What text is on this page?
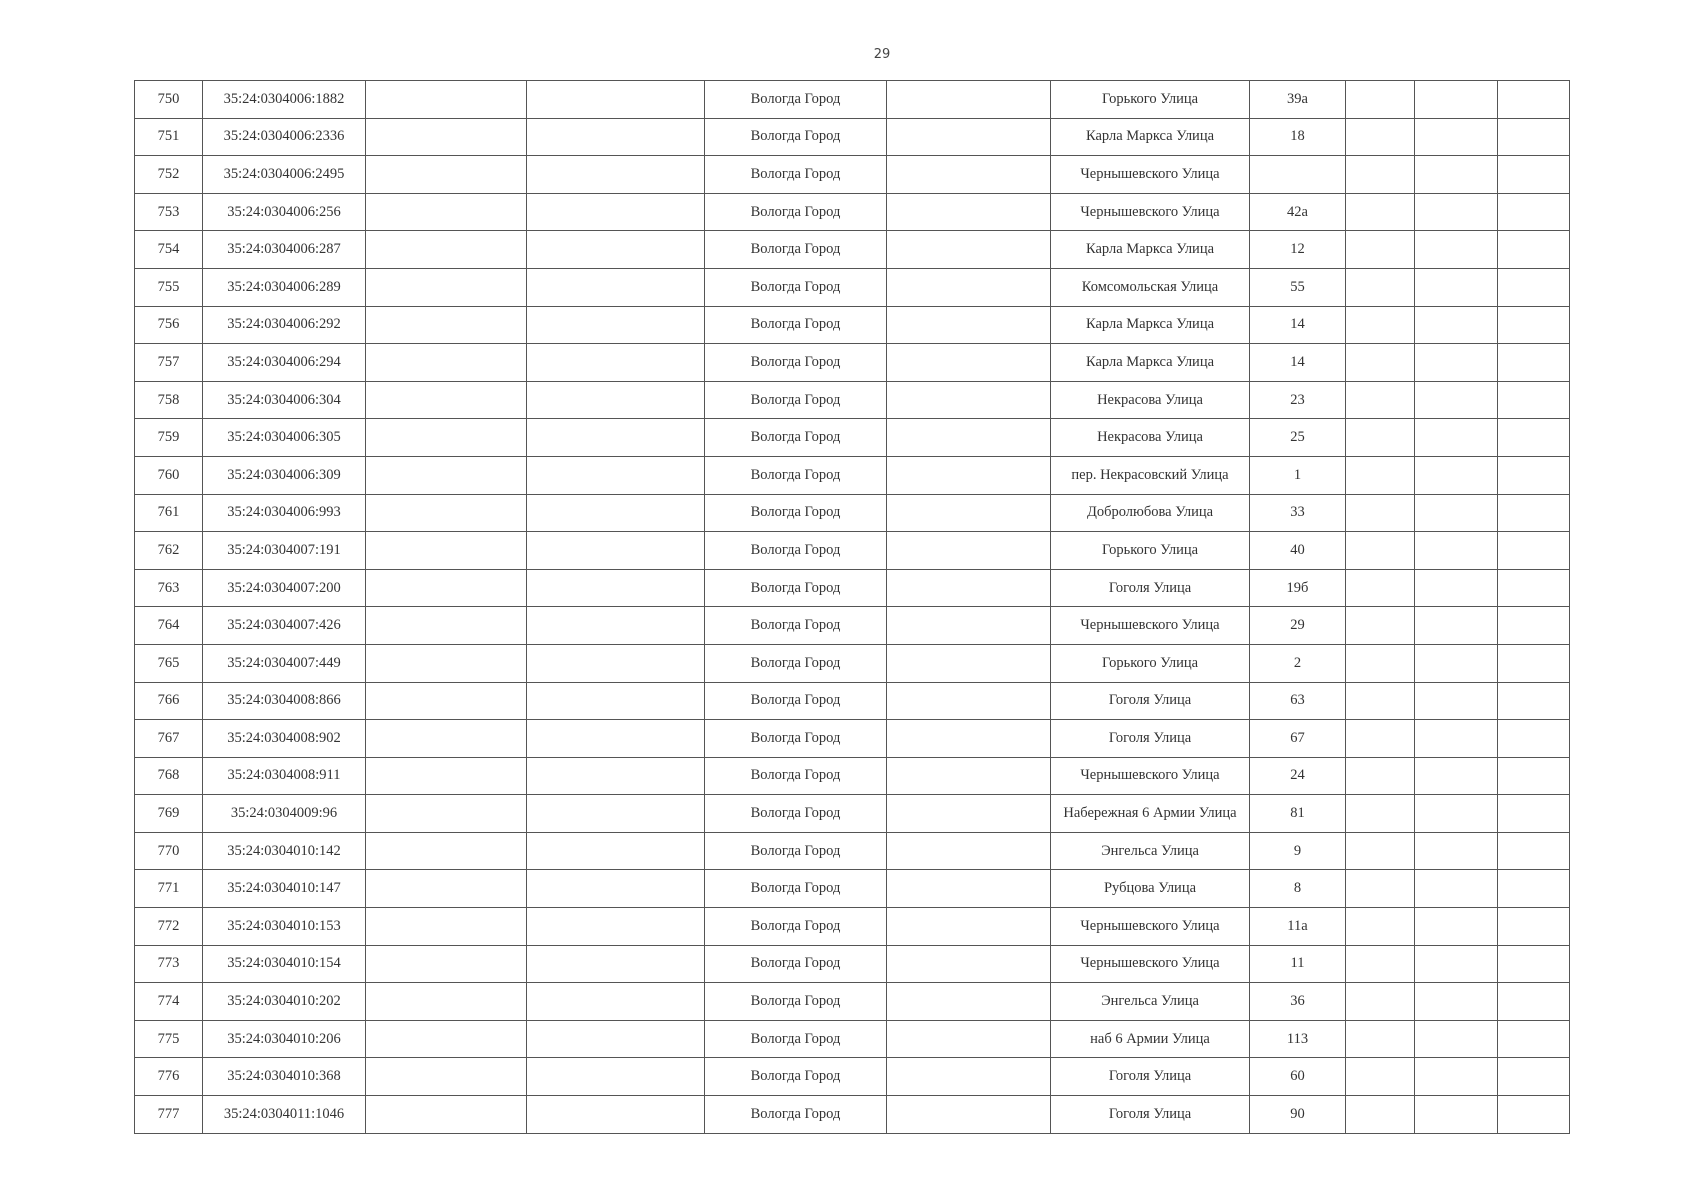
29
750	35:24:0304006:1882			Вологда Город		Горького Улица	39а			
751	35:24:0304006:2336			Вологда Город		Карла Маркса Улица	18			
752	35:24:0304006:2495			Вологда Город		Чернышевского Улица				
753	35:24:0304006:256			Вологда Город		Чернышевского Улица	42а			
754	35:24:0304006:287			Вологда Город		Карла Маркса Улица	12			
755	35:24:0304006:289			Вологда Город		Комсомольская Улица	55			
756	35:24:0304006:292			Вологда Город		Карла Маркса Улица	14			
757	35:24:0304006:294			Вологда Город		Карла Маркса Улица	14			
758	35:24:0304006:304			Вологда Город		Некрасова Улица	23			
759	35:24:0304006:305			Вологда Город		Некрасова Улица	25			
760	35:24:0304006:309			Вологда Город		пер. Некрасовский Улица	1			
761	35:24:0304006:993			Вологда Город		Добролюбова Улица	33			
762	35:24:0304007:191			Вологда Город		Горького Улица	40			
763	35:24:0304007:200			Вологда Город		Гоголя Улица	19б			
764	35:24:0304007:426			Вологда Город		Чернышевского Улица	29			
765	35:24:0304007:449			Вологда Город		Горького Улица	2			
766	35:24:0304008:866			Вологда Город		Гоголя Улица	63			
767	35:24:0304008:902			Вологда Город		Гоголя Улица	67			
768	35:24:0304008:911			Вологда Город		Чернышевского Улица	24			
769	35:24:0304009:96			Вологда Город		Набережная 6 Армии Улица	81			
770	35:24:0304010:142			Вологда Город		Энгельса Улица	9			
771	35:24:0304010:147			Вологда Город		Рубцова Улица	8			
772	35:24:0304010:153			Вологда Город		Чернышевского Улица	11а			
773	35:24:0304010:154			Вологда Город		Чернышевского Улица	11			
774	35:24:0304010:202			Вологда Город		Энгельса Улица	36			
775	35:24:0304010:206			Вологда Город		наб 6 Армии Улица	113			
776	35:24:0304010:368			Вологда Город		Гоголя Улица	60			
777	35:24:0304011:1046			Вологда Город		Гоголя Улица	90			
